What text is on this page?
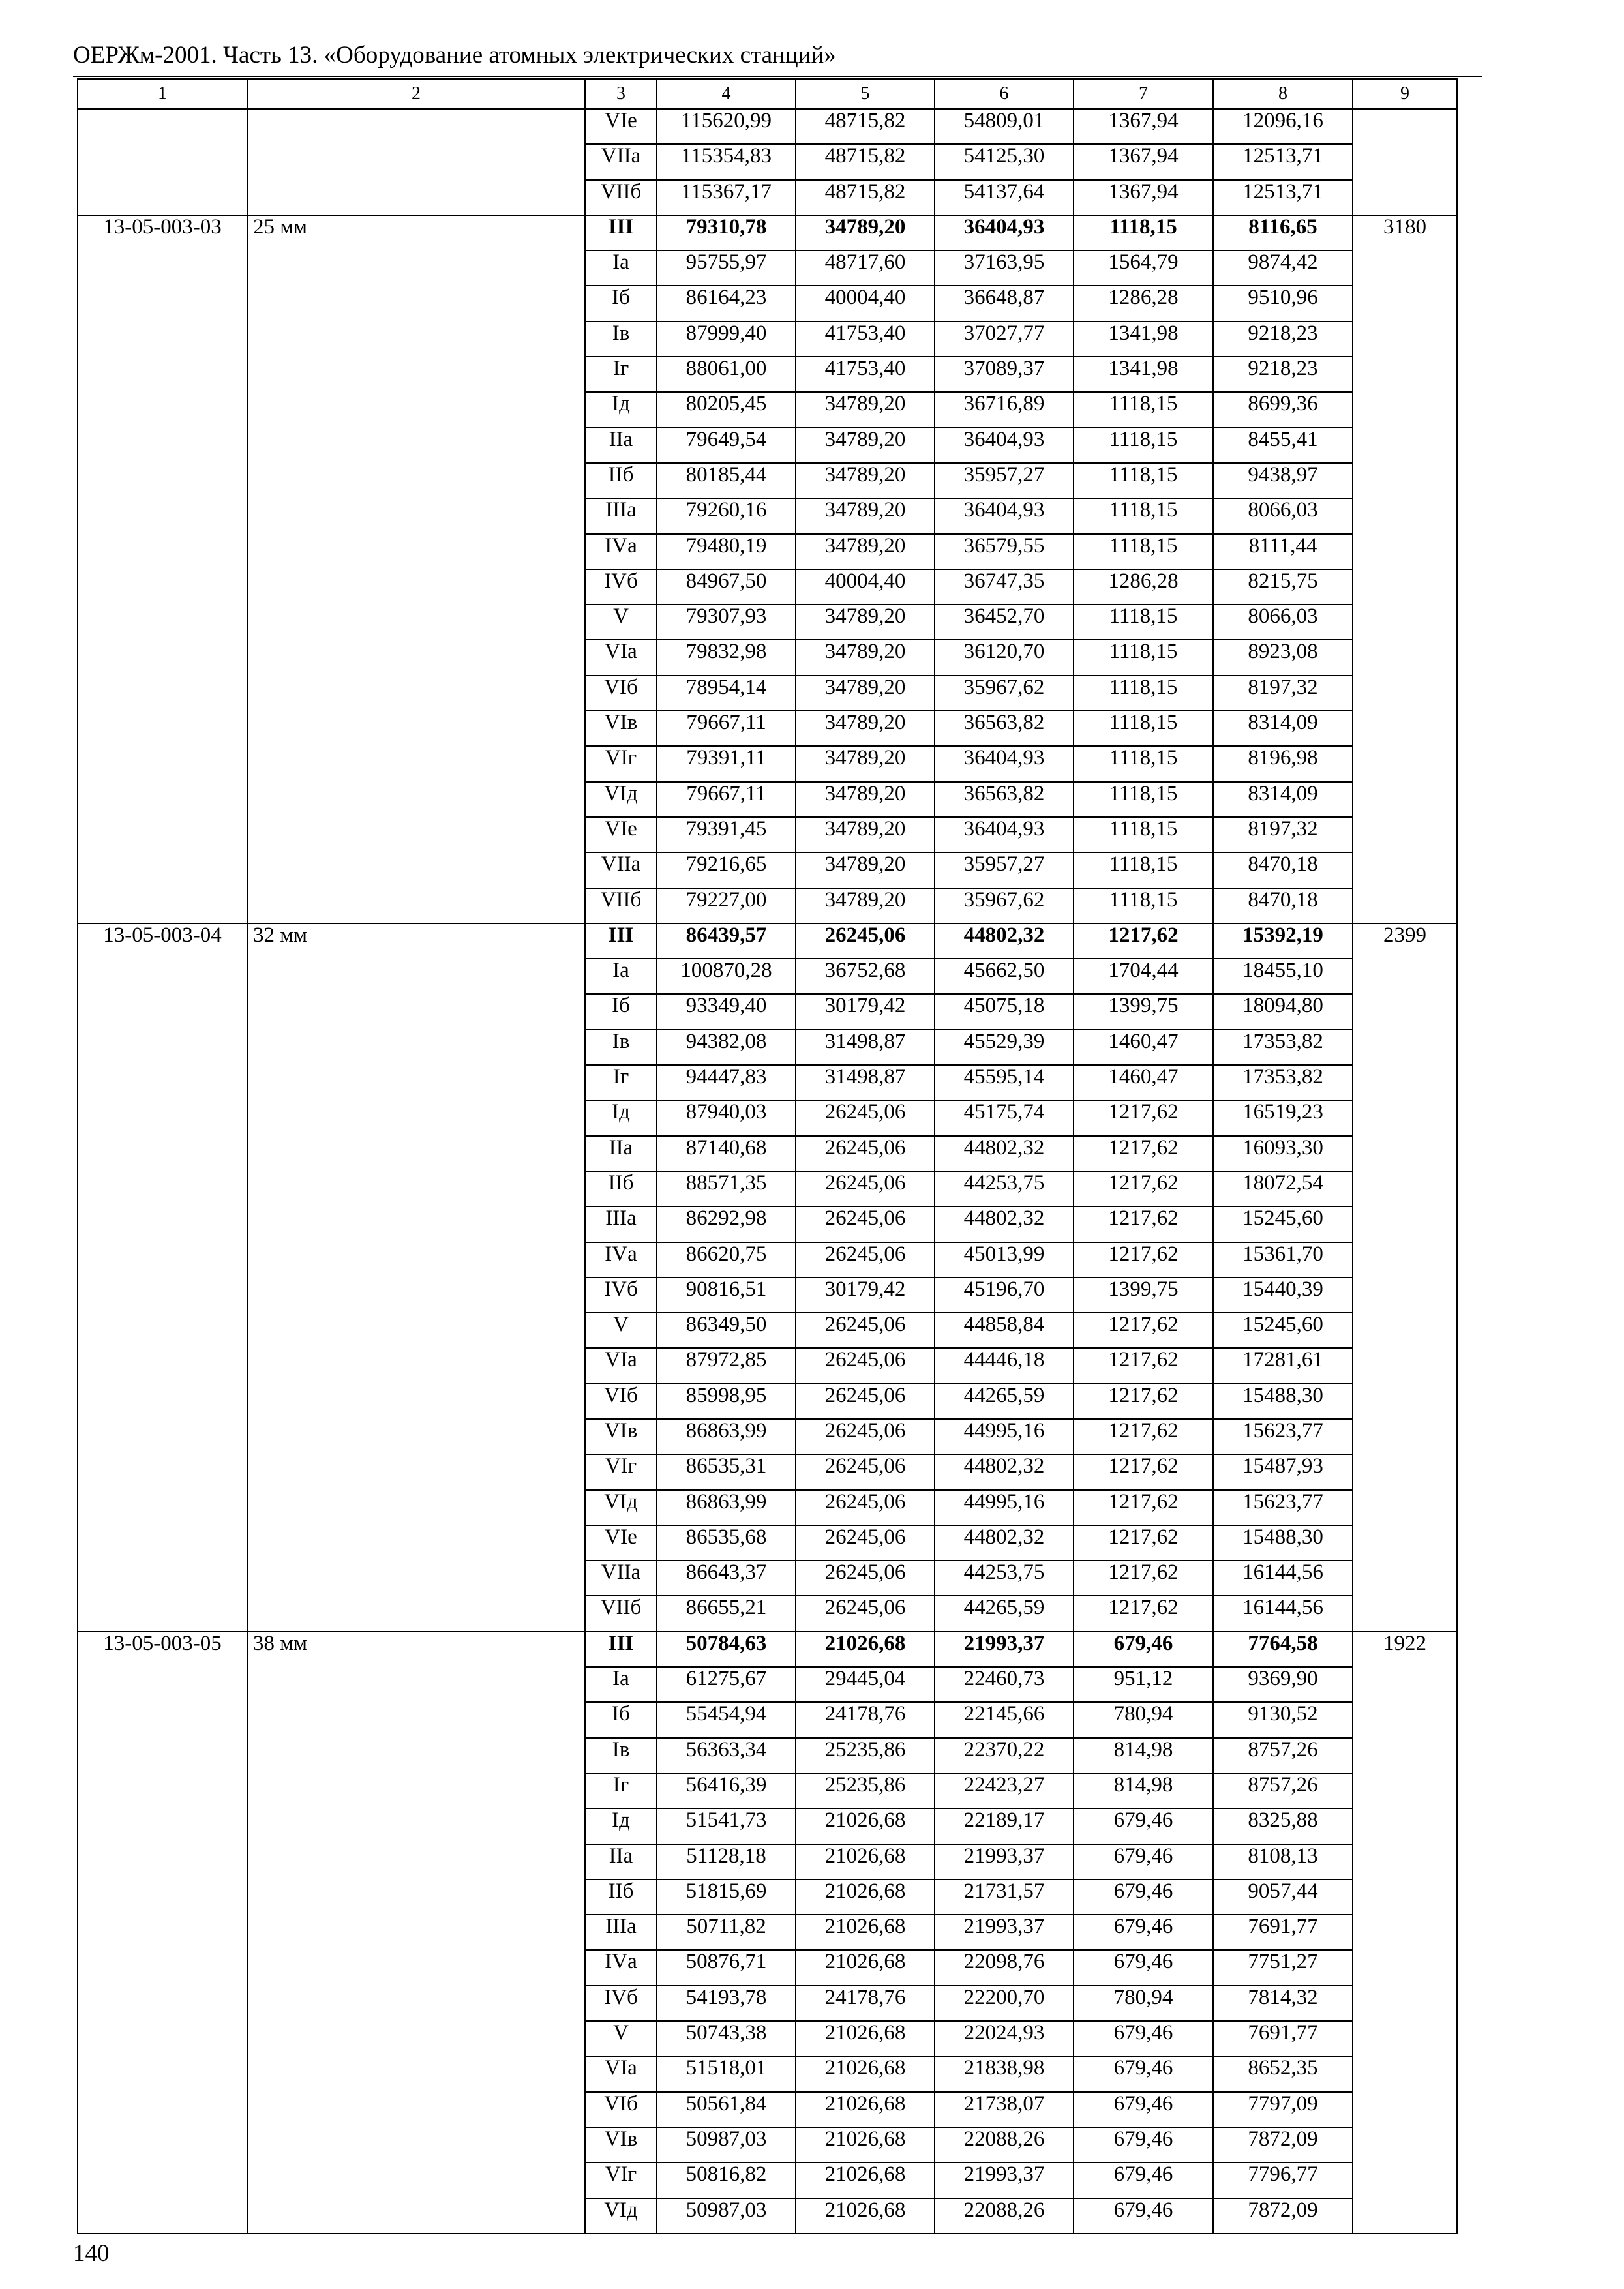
ОЕРЖм-2001. Часть 13. «Оборудование атомных электрических станций»
1	2	3	4	5	6	7	8	9
		VIе	115620,99	48715,82	54809,01	1367,94	12096,16	
		VIIа	115354,83	48715,82	54125,30	1367,94	12513,71	
		VIIб	115367,17	48715,82	54137,64	1367,94	12513,71	
13-05-003-03	25 мм	III	79310,78	34789,20	36404,93	1118,15	8116,65	3180
		Iа	95755,97	48717,60	37163,95	1564,79	9874,42	
		Iб	86164,23	40004,40	36648,87	1286,28	9510,96	
		Iв	87999,40	41753,40	37027,77	1341,98	9218,23	
		Iг	88061,00	41753,40	37089,37	1341,98	9218,23	
		Iд	80205,45	34789,20	36716,89	1118,15	8699,36	
		IIа	79649,54	34789,20	36404,93	1118,15	8455,41	
		IIб	80185,44	34789,20	35957,27	1118,15	9438,97	
		IIIа	79260,16	34789,20	36404,93	1118,15	8066,03	
		IVа	79480,19	34789,20	36579,55	1118,15	8111,44	
		IVб	84967,50	40004,40	36747,35	1286,28	8215,75	
		V	79307,93	34789,20	36452,70	1118,15	8066,03	
		VIа	79832,98	34789,20	36120,70	1118,15	8923,08	
		VIб	78954,14	34789,20	35967,62	1118,15	8197,32	
		VIв	79667,11	34789,20	36563,82	1118,15	8314,09	
		VIг	79391,11	34789,20	36404,93	1118,15	8196,98	
		VIд	79667,11	34789,20	36563,82	1118,15	8314,09	
		VIе	79391,45	34789,20	36404,93	1118,15	8197,32	
		VIIа	79216,65	34789,20	35957,27	1118,15	8470,18	
		VIIб	79227,00	34789,20	35967,62	1118,15	8470,18	
13-05-003-04	32 мм	III	86439,57	26245,06	44802,32	1217,62	15392,19	2399
		Iа	100870,28	36752,68	45662,50	1704,44	18455,10	
		Iб	93349,40	30179,42	45075,18	1399,75	18094,80	
		Iв	94382,08	31498,87	45529,39	1460,47	17353,82	
		Iг	94447,83	31498,87	45595,14	1460,47	17353,82	
		Iд	87940,03	26245,06	45175,74	1217,62	16519,23	
		IIа	87140,68	26245,06	44802,32	1217,62	16093,30	
		IIб	88571,35	26245,06	44253,75	1217,62	18072,54	
		IIIа	86292,98	26245,06	44802,32	1217,62	15245,60	
		IVа	86620,75	26245,06	45013,99	1217,62	15361,70	
		IVб	90816,51	30179,42	45196,70	1399,75	15440,39	
		V	86349,50	26245,06	44858,84	1217,62	15245,60	
		VIа	87972,85	26245,06	44446,18	1217,62	17281,61	
		VIб	85998,95	26245,06	44265,59	1217,62	15488,30	
		VIв	86863,99	26245,06	44995,16	1217,62	15623,77	
		VIг	86535,31	26245,06	44802,32	1217,62	15487,93	
		VIд	86863,99	26245,06	44995,16	1217,62	15623,77	
		VIе	86535,68	26245,06	44802,32	1217,62	15488,30	
		VIIа	86643,37	26245,06	44253,75	1217,62	16144,56	
		VIIб	86655,21	26245,06	44265,59	1217,62	16144,56	
13-05-003-05	38 мм	III	50784,63	21026,68	21993,37	679,46	7764,58	1922
		Iа	61275,67	29445,04	22460,73	951,12	9369,90	
		Iб	55454,94	24178,76	22145,66	780,94	9130,52	
		Iв	56363,34	25235,86	22370,22	814,98	8757,26	
		Iг	56416,39	25235,86	22423,27	814,98	8757,26	
		Iд	51541,73	21026,68	22189,17	679,46	8325,88	
		IIа	51128,18	21026,68	21993,37	679,46	8108,13	
		IIб	51815,69	21026,68	21731,57	679,46	9057,44	
		IIIа	50711,82	21026,68	21993,37	679,46	7691,77	
		IVа	50876,71	21026,68	22098,76	679,46	7751,27	
		IVб	54193,78	24178,76	22200,70	780,94	7814,32	
		V	50743,38	21026,68	22024,93	679,46	7691,77	
		VIа	51518,01	21026,68	21838,98	679,46	8652,35	
		VIб	50561,84	21026,68	21738,07	679,46	7797,09	
		VIв	50987,03	21026,68	22088,26	679,46	7872,09	
		VIг	50816,82	21026,68	21993,37	679,46	7796,77	
		VIд	50987,03	21026,68	22088,26	679,46	7872,09	
140
